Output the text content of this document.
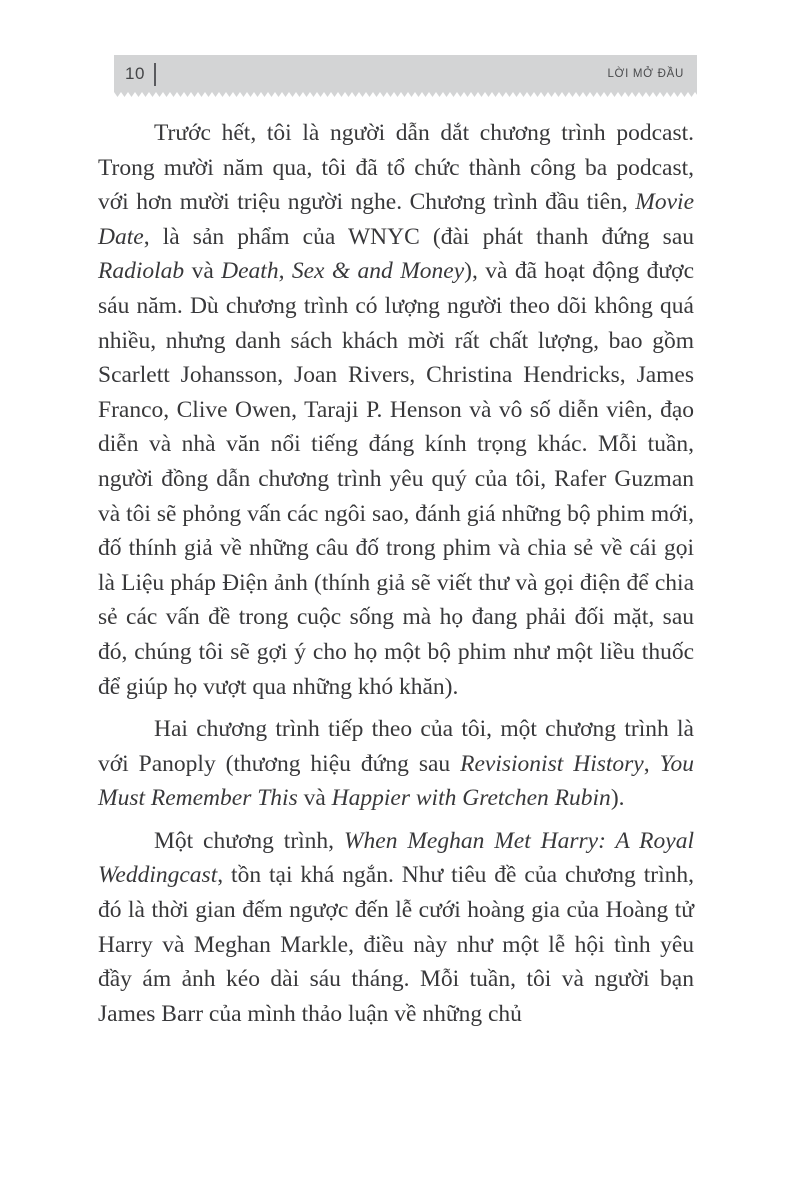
10	LỜI MỞ ĐẦU

Trước hết, tôi là người dẫn dắt chương trình podcast. Trong mười năm qua, tôi đã tổ chức thành công ba podcast, với hơn mười triệu người nghe. Chương trình đầu tiên, Movie Date, là sản phẩm của WNYC (đài phát thanh đứng sau Radiolab và Death, Sex & and Money), và đã hoạt động được sáu năm. Dù chương trình có lượng người theo dõi không quá nhiều, nhưng danh sách khách mời rất chất lượng, bao gồm Scarlett Johansson, Joan Rivers, Christina Hendricks, James Franco, Clive Owen, Taraji P. Henson và vô số diễn viên, đạo diễn và nhà văn nổi tiếng đáng kính trọng khác. Mỗi tuần, người đồng dẫn chương trình yêu quý của tôi, Rafer Guzman và tôi sẽ phỏng vấn các ngôi sao, đánh giá những bộ phim mới, đố thính giả về những câu đố trong phim và chia sẻ về cái gọi là Liệu pháp Điện ảnh (thính giả sẽ viết thư và gọi điện để chia sẻ các vấn đề trong cuộc sống mà họ đang phải đối mặt, sau đó, chúng tôi sẽ gợi ý cho họ một bộ phim như một liều thuốc để giúp họ vượt qua những khó khăn).

Hai chương trình tiếp theo của tôi, một chương trình là với Panoply (thương hiệu đứng sau Revisionist History, You Must Remember This và Happier with Gretchen Rubin).

Một chương trình, When Meghan Met Harry: A Royal Weddingcast, tồn tại khá ngắn. Như tiêu đề của chương trình, đó là thời gian đếm ngược đến lễ cưới hoàng gia của Hoàng tử Harry và Meghan Markle, điều này như một lễ hội tình yêu đầy ám ảnh kéo dài sáu tháng. Mỗi tuần, tôi và người bạn James Barr của mình thảo luận về những chủ
